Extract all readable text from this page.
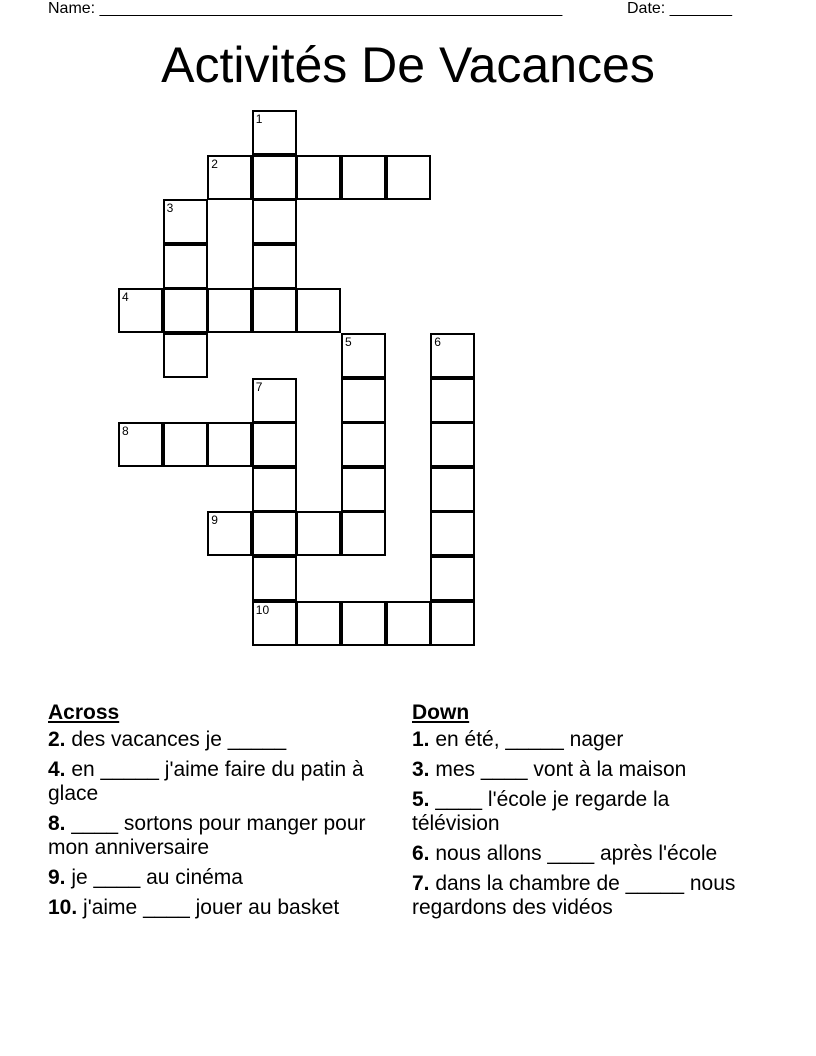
Name: ____________________________________________________	Date: _______
Activités De Vacances
1
2
3
4
5	6
7
8
9
10
Across
2. des vacances je _____
4. en _____ j'aime faire du patin à glace
8. ____ sortons pour manger pour mon anniversaire
9. je ____ au cinéma
10. j'aime ____ jouer au basket
Down
1. en été, _____ nager
3. mes ____ vont à la maison
5. ____ l'école je regarde la télévision
6. nous allons ____ après l'école
7. dans la chambre de _____ nous regardons des vidéos
